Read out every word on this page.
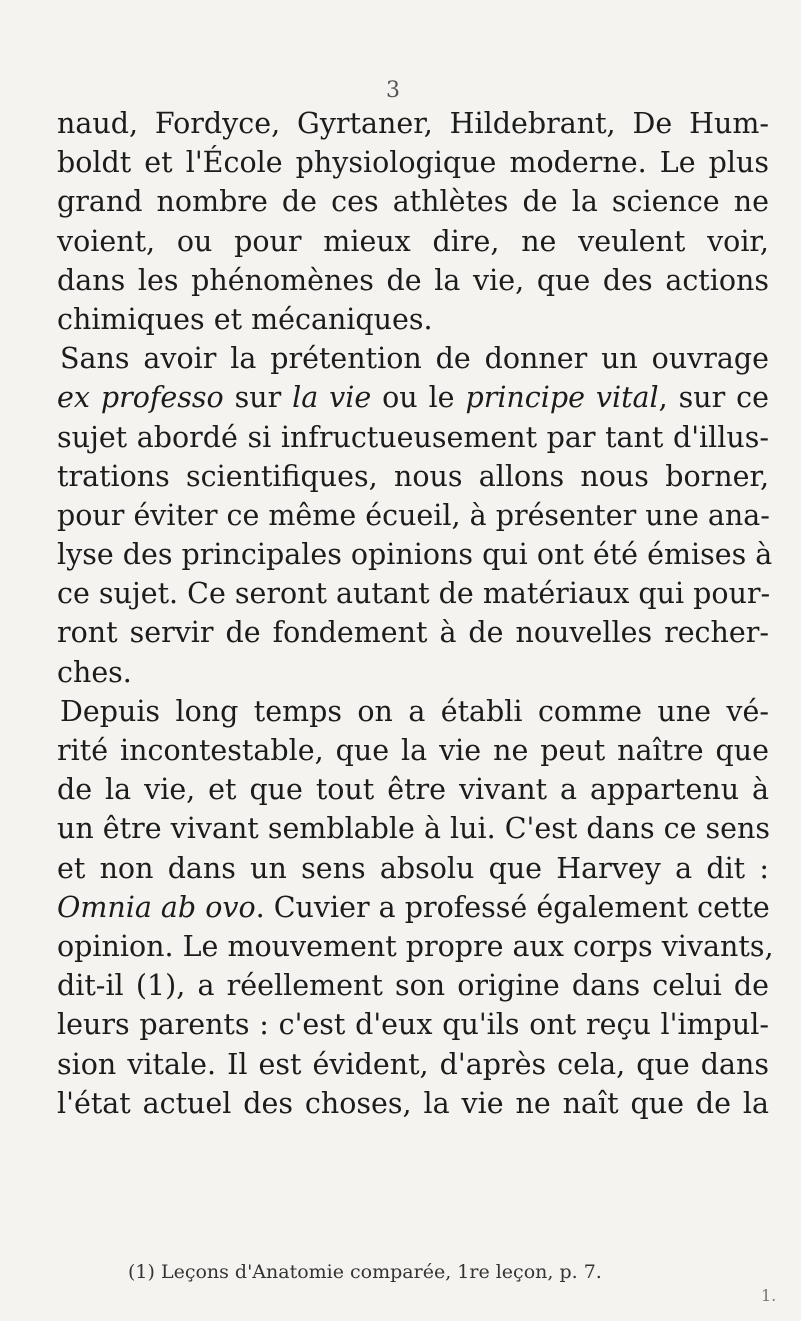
3
naud, Fordyce, Gyrtaner, Hildebrant, De Hum-
boldt et l'École physiologique moderne. Le plus
grand nombre de ces athlètes de la science ne
voient, ou pour mieux dire, ne veulent voir,
dans les phénomènes de la vie, que des actions
chimiques et mécaniques.
Sans avoir la prétention de donner un ouvrage
ex professo sur la vie ou le principe vital, sur ce
sujet abordé si infructueusement par tant d'illus-
trations scientifiques, nous allons nous borner,
pour éviter ce même écueil, à présenter une ana-
lyse des principales opinions qui ont été émises à
ce sujet. Ce seront autant de matériaux qui pour-
ront servir de fondement à de nouvelles recher-
ches.
Depuis long temps on a établi comme une vé-
rité incontestable, que la vie ne peut naître que
de la vie, et que tout être vivant a appartenu à
un être vivant semblable à lui. C'est dans ce sens
et non dans un sens absolu que Harvey a dit :
Omnia ab ovo. Cuvier a professé également cette
opinion. Le mouvement propre aux corps vivants,
dit-il (1), a réellement son origine dans celui de
leurs parents : c'est d'eux qu'ils ont reçu l'impul-
sion vitale. Il est évident, d'après cela, que dans
l'état actuel des choses, la vie ne naît que de la
(1) Leçons d'Anatomie comparée, 1re leçon, p. 7.
1.
